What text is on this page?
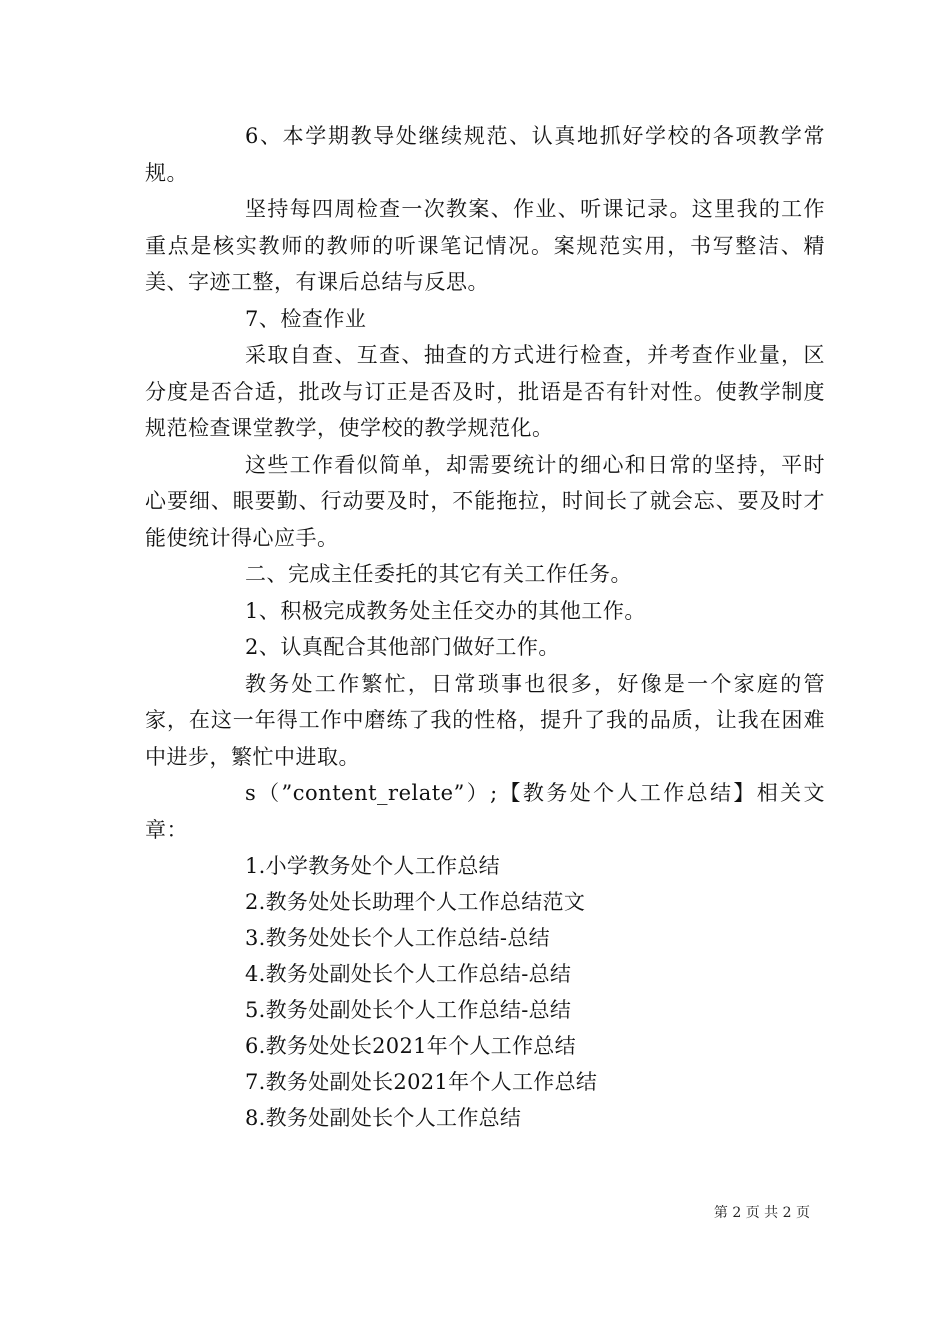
6、本学期教导处继续规范、认真地抓好学校的各项教学常规。

坚持每四周检查一次教案、作业、听课记录。这里我的工作重点是核实教师的教师的听课笔记情况。案规范实用，书写整洁、精美、字迹工整，有课后总结与反思。

7、检查作业

采取自查、互查、抽查的方式进行检查，并考查作业量，区分度是否合适，批改与订正是否及时，批语是否有针对性。使教学制度规范检查课堂教学，使学校的教学规范化。

这些工作看似简单，却需要统计的细心和日常的坚持，平时心要细、眼要勤、行动要及时，不能拖拉，时间长了就会忘、要及时才能使统计得心应手。

二、完成主任委托的其它有关工作任务。

1、积极完成教务处主任交办的其他工作。

2、认真配合其他部门做好工作。

教务处工作繁忙，日常琐事也很多，好像是一个家庭的管家，在这一年得工作中磨练了我的性格，提升了我的品质，让我在困难中进步，繁忙中进取。

s（”content_relate”）;【教务处个人工作总结】相关文章：

1.小学教务处个人工作总结
2.教务处处长助理个人工作总结范文
3.教务处处长个人工作总结-总结
4.教务处副处长个人工作总结-总结
5.教务处副处长个人工作总结-总结
6.教务处处长2021年个人工作总结
7.教务处副处长2021年个人工作总结
8.教务处副处长个人工作总结
第 2 页 共 2 页
